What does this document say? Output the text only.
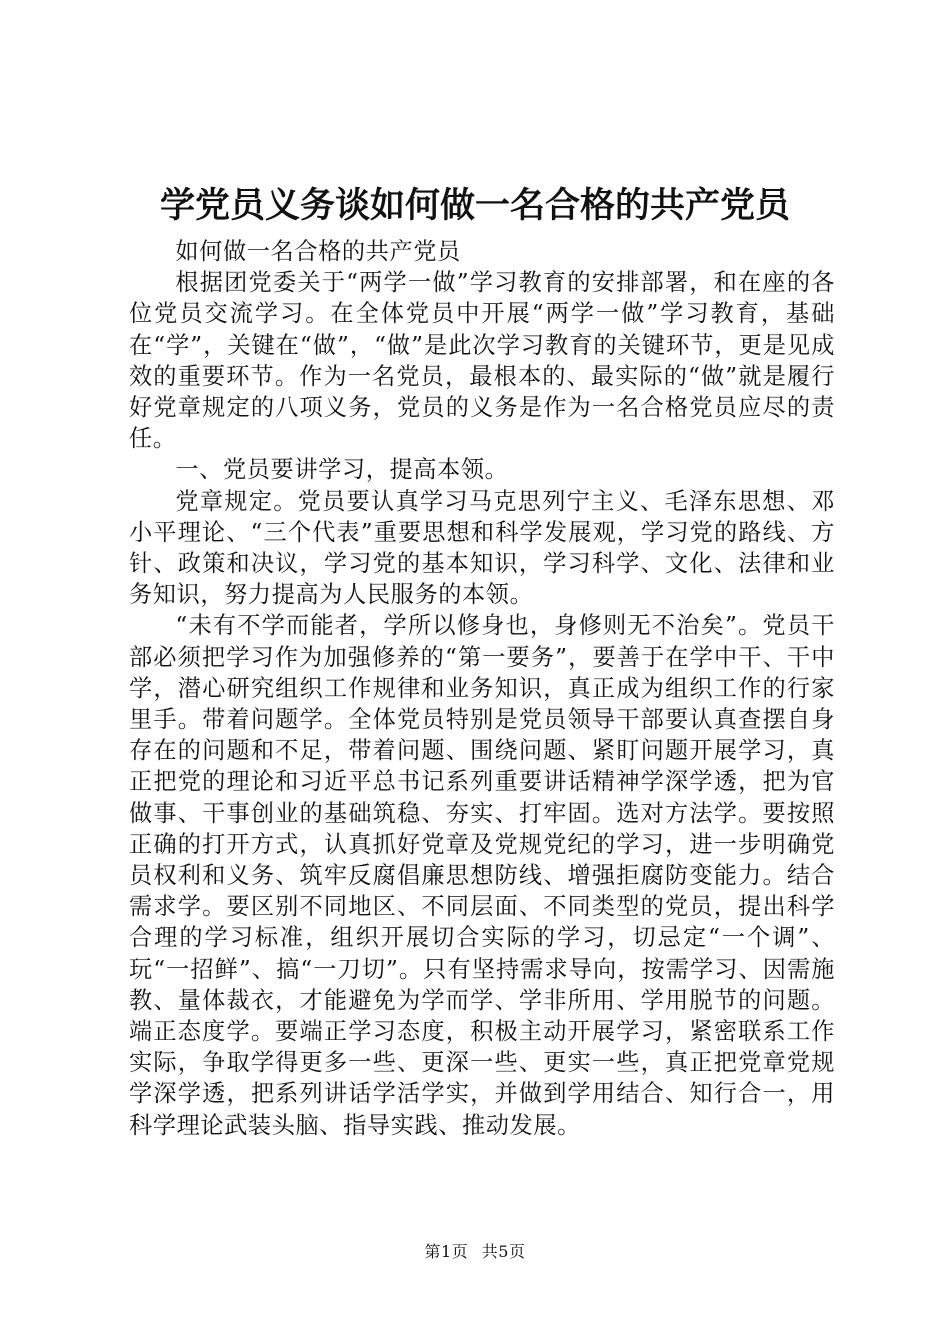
学党员义务谈如何做一名合格的共产党员

如何做一名合格的共产党员

根据团党委关于“两学一做”学习教育的安排部署，和在座的各位党员交流学习。在全体党员中开展“两学一做”学习教育，基础在“学”，关键在“做”，“做”是此次学习教育的关键环节，更是见成效的重要环节。作为一名党员，最根本的、最实际的“做”就是履行好党章规定的八项义务，党员的义务是作为一名合格党员应尽的责任。

一、党员要讲学习，提高本领。

党章规定。党员要认真学习马克思列宁主义、毛泽东思想、邓小平理论、“三个代表”重要思想和科学发展观，学习党的路线、方针、政策和决议，学习党的基本知识，学习科学、文化、法律和业务知识，努力提高为人民服务的本领。

“未有不学而能者，学所以修身也，身修则无不治矣”。党员干部必须把学习作为加强修养的“第一要务”，要善于在学中干、干中学，潜心研究组织工作规律和业务知识，真正成为组织工作的行家里手。带着问题学。全体党员特别是党员领导干部要认真查摆自身存在的问题和不足，带着问题、围绕问题、紧盯问题开展学习，真正把党的理论和习近平总书记系列重要讲话精神学深学透，把为官做事、干事创业的基础筑稳、夯实、打牢固。选对方法学。要按照正确的打开方式，认真抓好党章及党规党纪的学习，进一步明确党员权利和义务、筑牢反腐倡廉思想防线、增强拒腐防变能力。结合需求学。要区别不同地区、不同层面、不同类型的党员，提出科学合理的学习标准，组织开展切合实际的学习，切忌定“一个调”、玩“一招鲜”、搞“一刀切”。只有坚持需求导向，按需学习、因需施教、量体裁衣，才能避免为学而学、学非所用、学用脱节的问题。端正态度学。要端正学习态度，积极主动开展学习，紧密联系工作实际，争取学得更多一些、更深一些、更实一些，真正把党章党规学深学透，把系列讲话学活学实，并做到学用结合、知行合一，用科学理论武装头脑、指导实践、推动发展。

第1页 共5页
